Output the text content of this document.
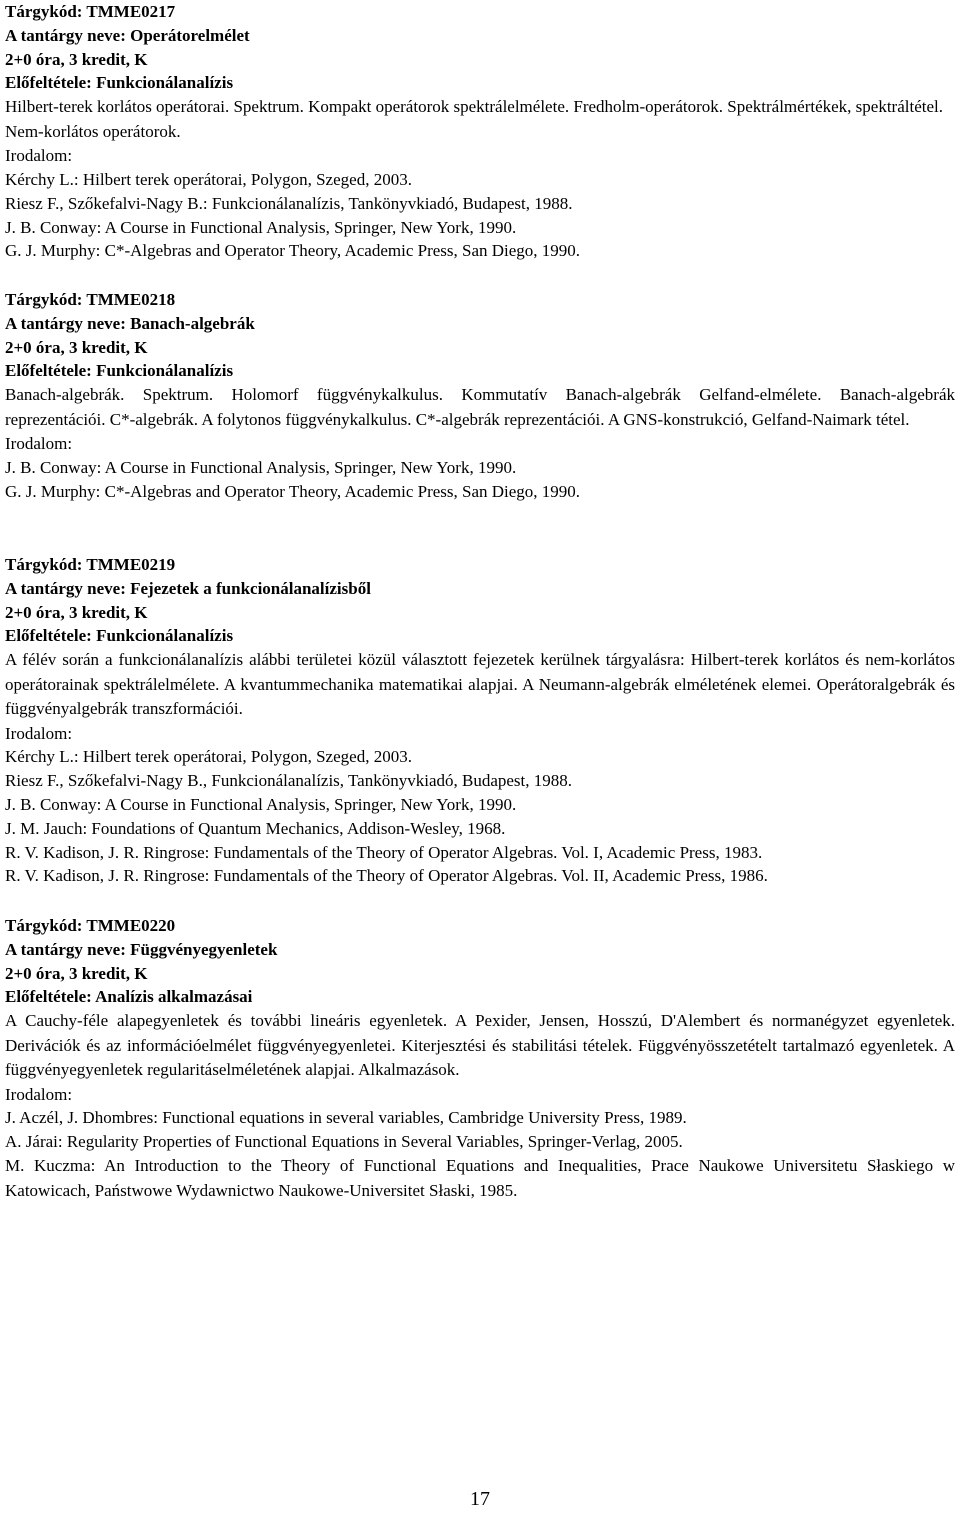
Tárgykód: TMME0217
A tantárgy neve: Operátorelmélet
2+0 óra, 3 kredit, K
Előfeltétele: Funkcionálanalízis
Hilbert-terek korlátos operátorai. Spektrum. Kompakt operátorok spektrálelmélete. Fredholm-operátorok. Spektrálmértékek, spektráltétel. Nem-korlátos operátorok.
Irodalom:
Kérchy L.: Hilbert terek operátorai, Polygon, Szeged, 2003.
Riesz F., Szőkefalvi-Nagy B.: Funkcionálanalízis, Tankönyvkiadó, Budapest, 1988.
J. B. Conway: A Course in Functional Analysis, Springer, New York, 1990.
G. J. Murphy: C*-Algebras and Operator Theory, Academic Press, San Diego, 1990.
Tárgykód: TMME0218
A tantárgy neve: Banach-algebrák
2+0 óra, 3 kredit, K
Előfeltétele: Funkcionálanalízis
Banach-algebrák. Spektrum. Holomorf függvénykalkulus. Kommutatív Banach-algebrák Gelfand-elmélete. Banach-algebrák reprezentációi. C*-algebrák. A folytonos függvénykalkulus. C*-algebrák reprezentációi. A GNS-konstrukció, Gelfand-Naimark tétel.
Irodalom:
J. B. Conway: A Course in Functional Analysis, Springer, New York, 1990.
G. J. Murphy: C*-Algebras and Operator Theory, Academic Press, San Diego, 1990.
Tárgykód: TMME0219
A tantárgy neve: Fejezetek a funkcionálanalízisből
2+0 óra, 3 kredit, K
Előfeltétele: Funkcionálanalízis
A félév során a funkcionálanalízis alábbi területei közül választott fejezetek kerülnek tárgyalásra: Hilbert-terek korlátos és nem-korlátos operátorainak spektrálelmélete. A kvantummechanika matematikai alapjai. A Neumann-algebrák elméletének elemei. Operátoralgebrák és függvényalgebrák transzformációi.
Irodalom:
Kérchy L.: Hilbert terek operátorai, Polygon, Szeged, 2003.
Riesz F., Szőkefalvi-Nagy B., Funkcionálanalízis, Tankönyvkiadó, Budapest, 1988.
J. B. Conway: A Course in Functional Analysis, Springer, New York, 1990.
J. M. Jauch: Foundations of Quantum Mechanics, Addison-Wesley, 1968.
R. V. Kadison, J. R. Ringrose: Fundamentals of the Theory of Operator Algebras. Vol. I, Academic Press, 1983.
R. V. Kadison, J. R. Ringrose: Fundamentals of the Theory of Operator Algebras. Vol. II, Academic Press, 1986.
Tárgykód: TMME0220
A tantárgy neve: Függvényegyenletek
2+0 óra, 3 kredit, K
Előfeltétele: Analízis alkalmazásai
A Cauchy-féle alapegyenletek és további lineáris egyenletek. A Pexider, Jensen, Hosszú, D'Alembert és normanégyzet egyenletek. Derivációk és az információelmélet függvényegyenletei. Kiterjesztési és stabilitási tételek. Függvényösszetételt tartalmazó egyenletek. A függvényegyenletek regularitáselméletének alapjai. Alkalmazások.
Irodalom:
J. Aczél, J. Dhombres: Functional equations in several variables, Cambridge University Press, 1989.
A. Járai: Regularity Properties of Functional Equations in Several Variables, Springer-Verlag, 2005.
M. Kuczma: An Introduction to the Theory of Functional Equations and Inequalities, Prace Naukowe Universitetu Słaskiego w Katowicach, Państwowe Wydawnictwo Naukowe-Universitet Słaski, 1985.
17
